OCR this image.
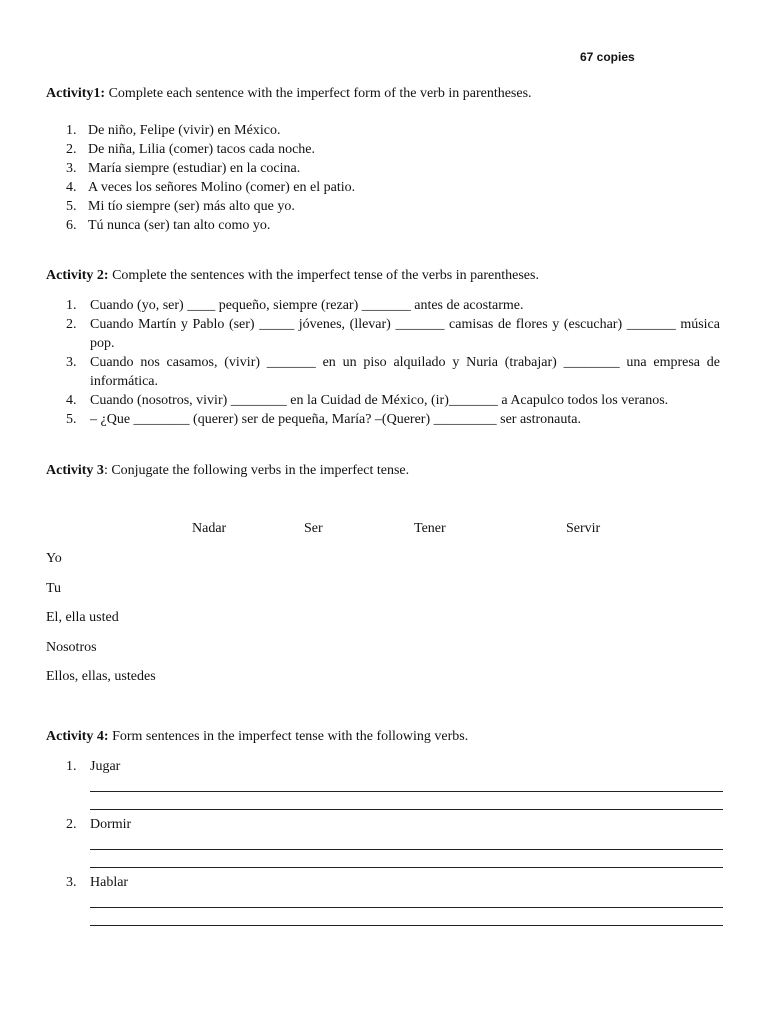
67 copies
Activity1: Complete each sentence with the imperfect form of the verb in parentheses.
1. De niño, Felipe (vivir) en México.
2. De niña, Lilia (comer) tacos cada noche.
3. María siempre (estudiar) en la cocina.
4. A veces los señores Molino (comer) en el patio.
5. Mi tío siempre (ser) más alto que yo.
6. Tú nunca (ser) tan alto como yo.
Activity 2: Complete the sentences with the imperfect tense of the verbs in parentheses.
1. Cuando (yo, ser) ____ pequeño, siempre (rezar) _______ antes de acostarme.
2. Cuando Martín y Pablo (ser) _____ jóvenes, (llevar) _______ camisas de flores y (escuchar) _______ música pop.
3. Cuando nos casamos, (vivir) _______ en un piso alquilado y Nuria (trabajar) ________ una empresa de informática.
4. Cuando (nosotros, vivir) ________ en la Cuidad de México, (ir)_______ a Acapulco todos los veranos.
5. – ¿Que ________ (querer) ser de pequeña, María? –(Querer) _________ ser astronauta.
Activity 3: Conjugate the following verbs in the imperfect tense.
Nadar	Ser	Tener	Servir
Yo
Tu
El, ella usted
Nosotros
Ellos, ellas, ustedes
Activity 4: Form sentences in the imperfect tense with the following verbs.
1. Jugar
2. Dormir
3. Hablar
